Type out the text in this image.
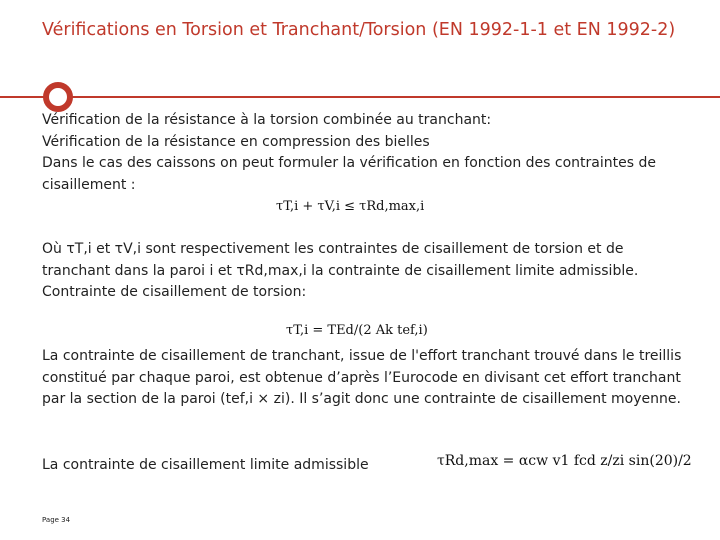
Vérifications en Torsion et Tranchant/Torsion (EN 1992-1-1 et EN 1992-2)
Vérification de la résistance à la torsion combinée au tranchant:
Vérification de la résistance en compression des bielles
Dans le cas des caissons on peut formuler la vérification en fonction des contraintes de cisaillement :
τT,i + τV,i ≤ τRd,max,i
Où τT,i et τV,i sont respectivement les contraintes de cisaillement de torsion et de tranchant dans la paroi i et τRd,max,i la contrainte de cisaillement limite admissible. Contrainte de cisaillement de torsion:
τT,i = TEd/(2 Ak tef,i)
La contrainte de cisaillement de tranchant, issue de l'effort tranchant trouvé dans le treillis constitué par chaque paroi, est obtenue d’après l’Eurocode en divisant cet effort tranchant par la section de la paroi (tef,i × zi). Il s’agit donc une contrainte de cisaillement moyenne.
La contrainte de cisaillement limite admissible	τRd,max = αcw v1 fcd z/zi sin(20)/2
Page 34
